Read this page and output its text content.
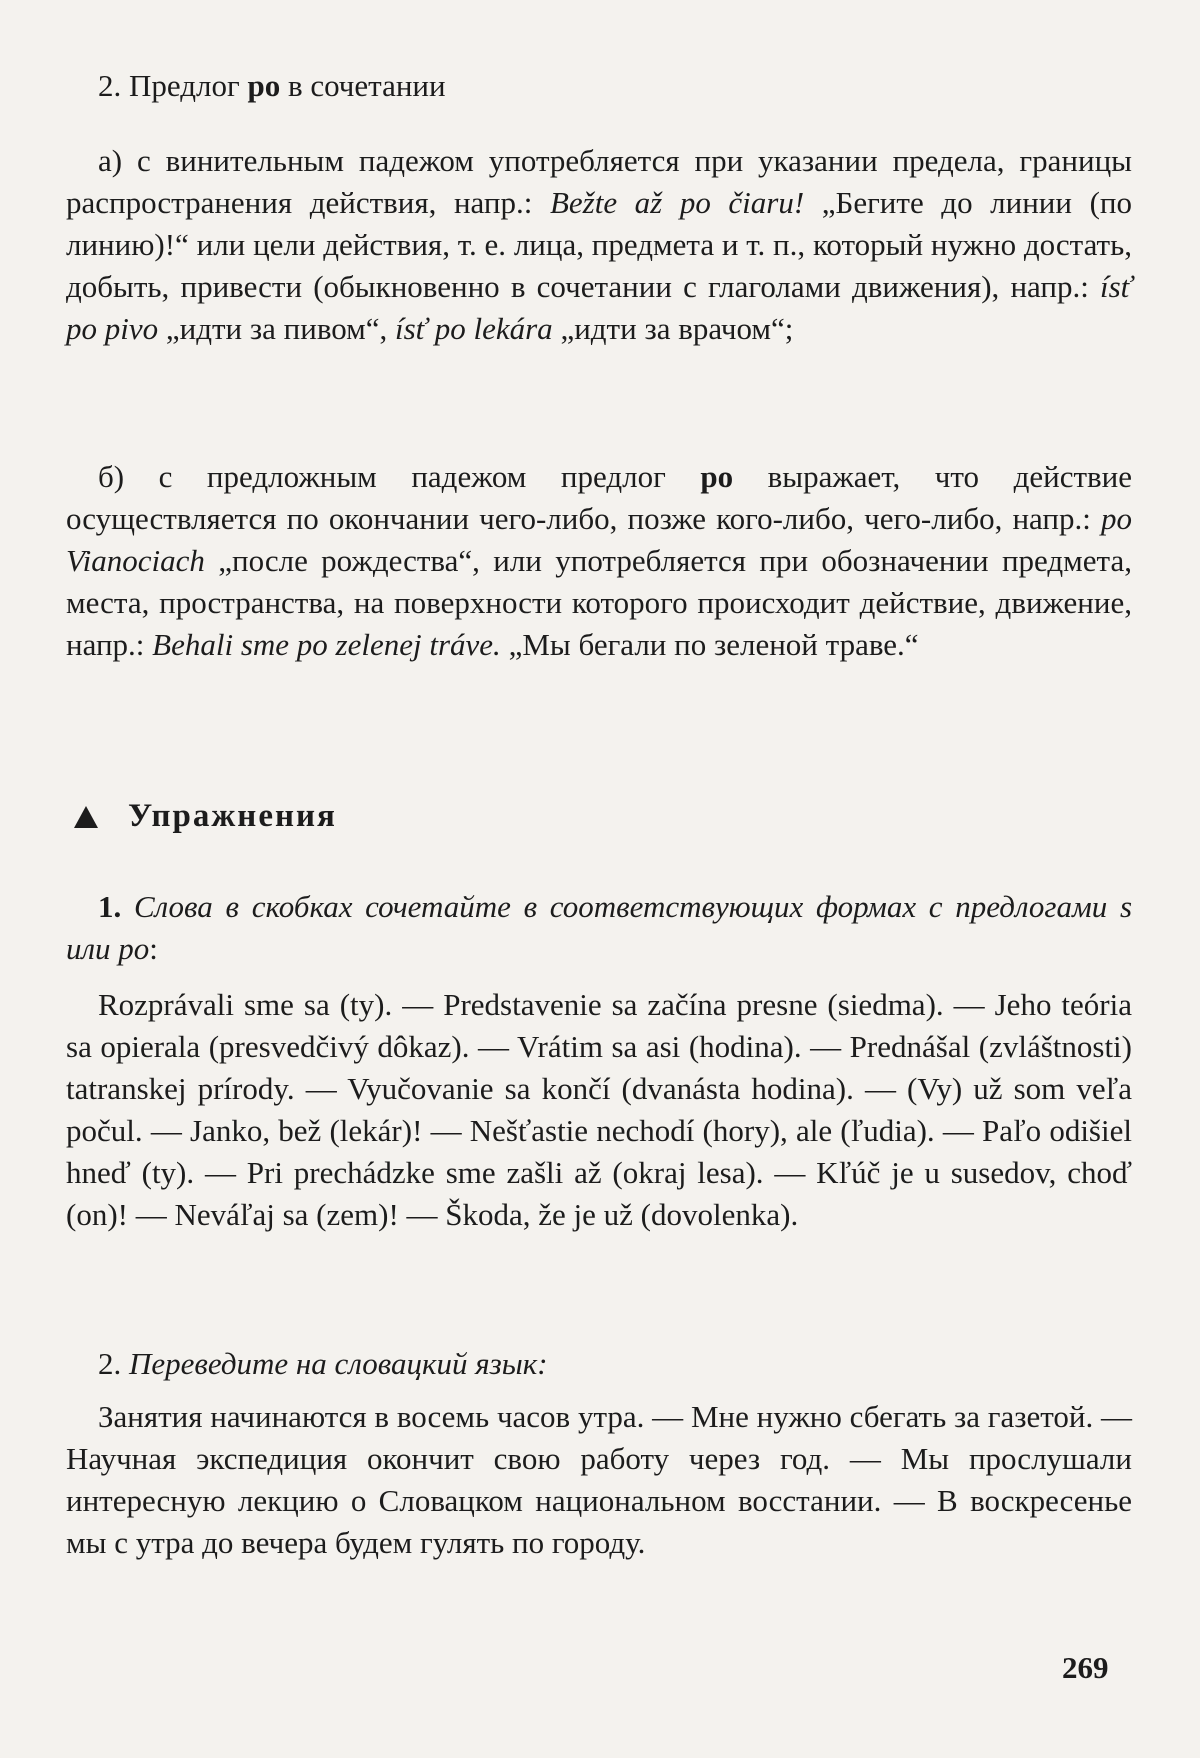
2. Предлог po в сочетании

а) с винительным падежом употребляется при указании предела, границы распространения действия, напр.: Bežte až po čiaru! „Бегите до линии (по линию)!“ или цели действия, т. е. лица, предмета и т. п., который нужно достать, добыть, привести (обыкновенно в сочетании с глаголами движения), напр.: ísť po pivo „идти за пивом“, ísť po lekára „идти за врачом“;

б) с предложным падежом предлог po выражает, что действие осуществляется по окончании чего-либо, позже кого-либо, чего-либо, напр.: po Vianociach „после рождества“, или употребляется при обозначении предмета, места, пространства, на поверхности которого происходит действие, движение, напр.: Behali sme po zelenej tráve. „Мы бегали по зеленой траве.“

Упражнения

1. Слова в скобках сочетайте в соответствующих формах с предлогами s или po:

Rozprávali sme sa (ty). — Predstavenie sa začína presne (siedma). — Jeho teória sa opierala (presvedčivý dôkaz). — Vrátim sa asi (hodina). — Prednášal (zvláštnosti) tatranskej prírody. — Vyučovanie sa končí (dvanásta hodina). — (Vy) už som veľa počul. — Janko, bež (lekár)! — Nešťastie nechodí (hory), ale (ľudia). — Paľo odišiel hneď (ty). — Pri prechádzke sme zašli až (okraj lesa). — Kľúč je u susedov, choď (on)! — Neváľaj sa (zem)! — Škoda, že je už (dovolenka).

2. Переведите на словацкий язык:

Занятия начинаются в восемь часов утра. — Мне нужно сбегать за газетой. — Научная экспедиция окончит свою работу через год. — Мы прослушали интересную лекцию о Словацком национальном восстании. — В воскресенье мы с утра до вечера будем гулять по городу.

269
